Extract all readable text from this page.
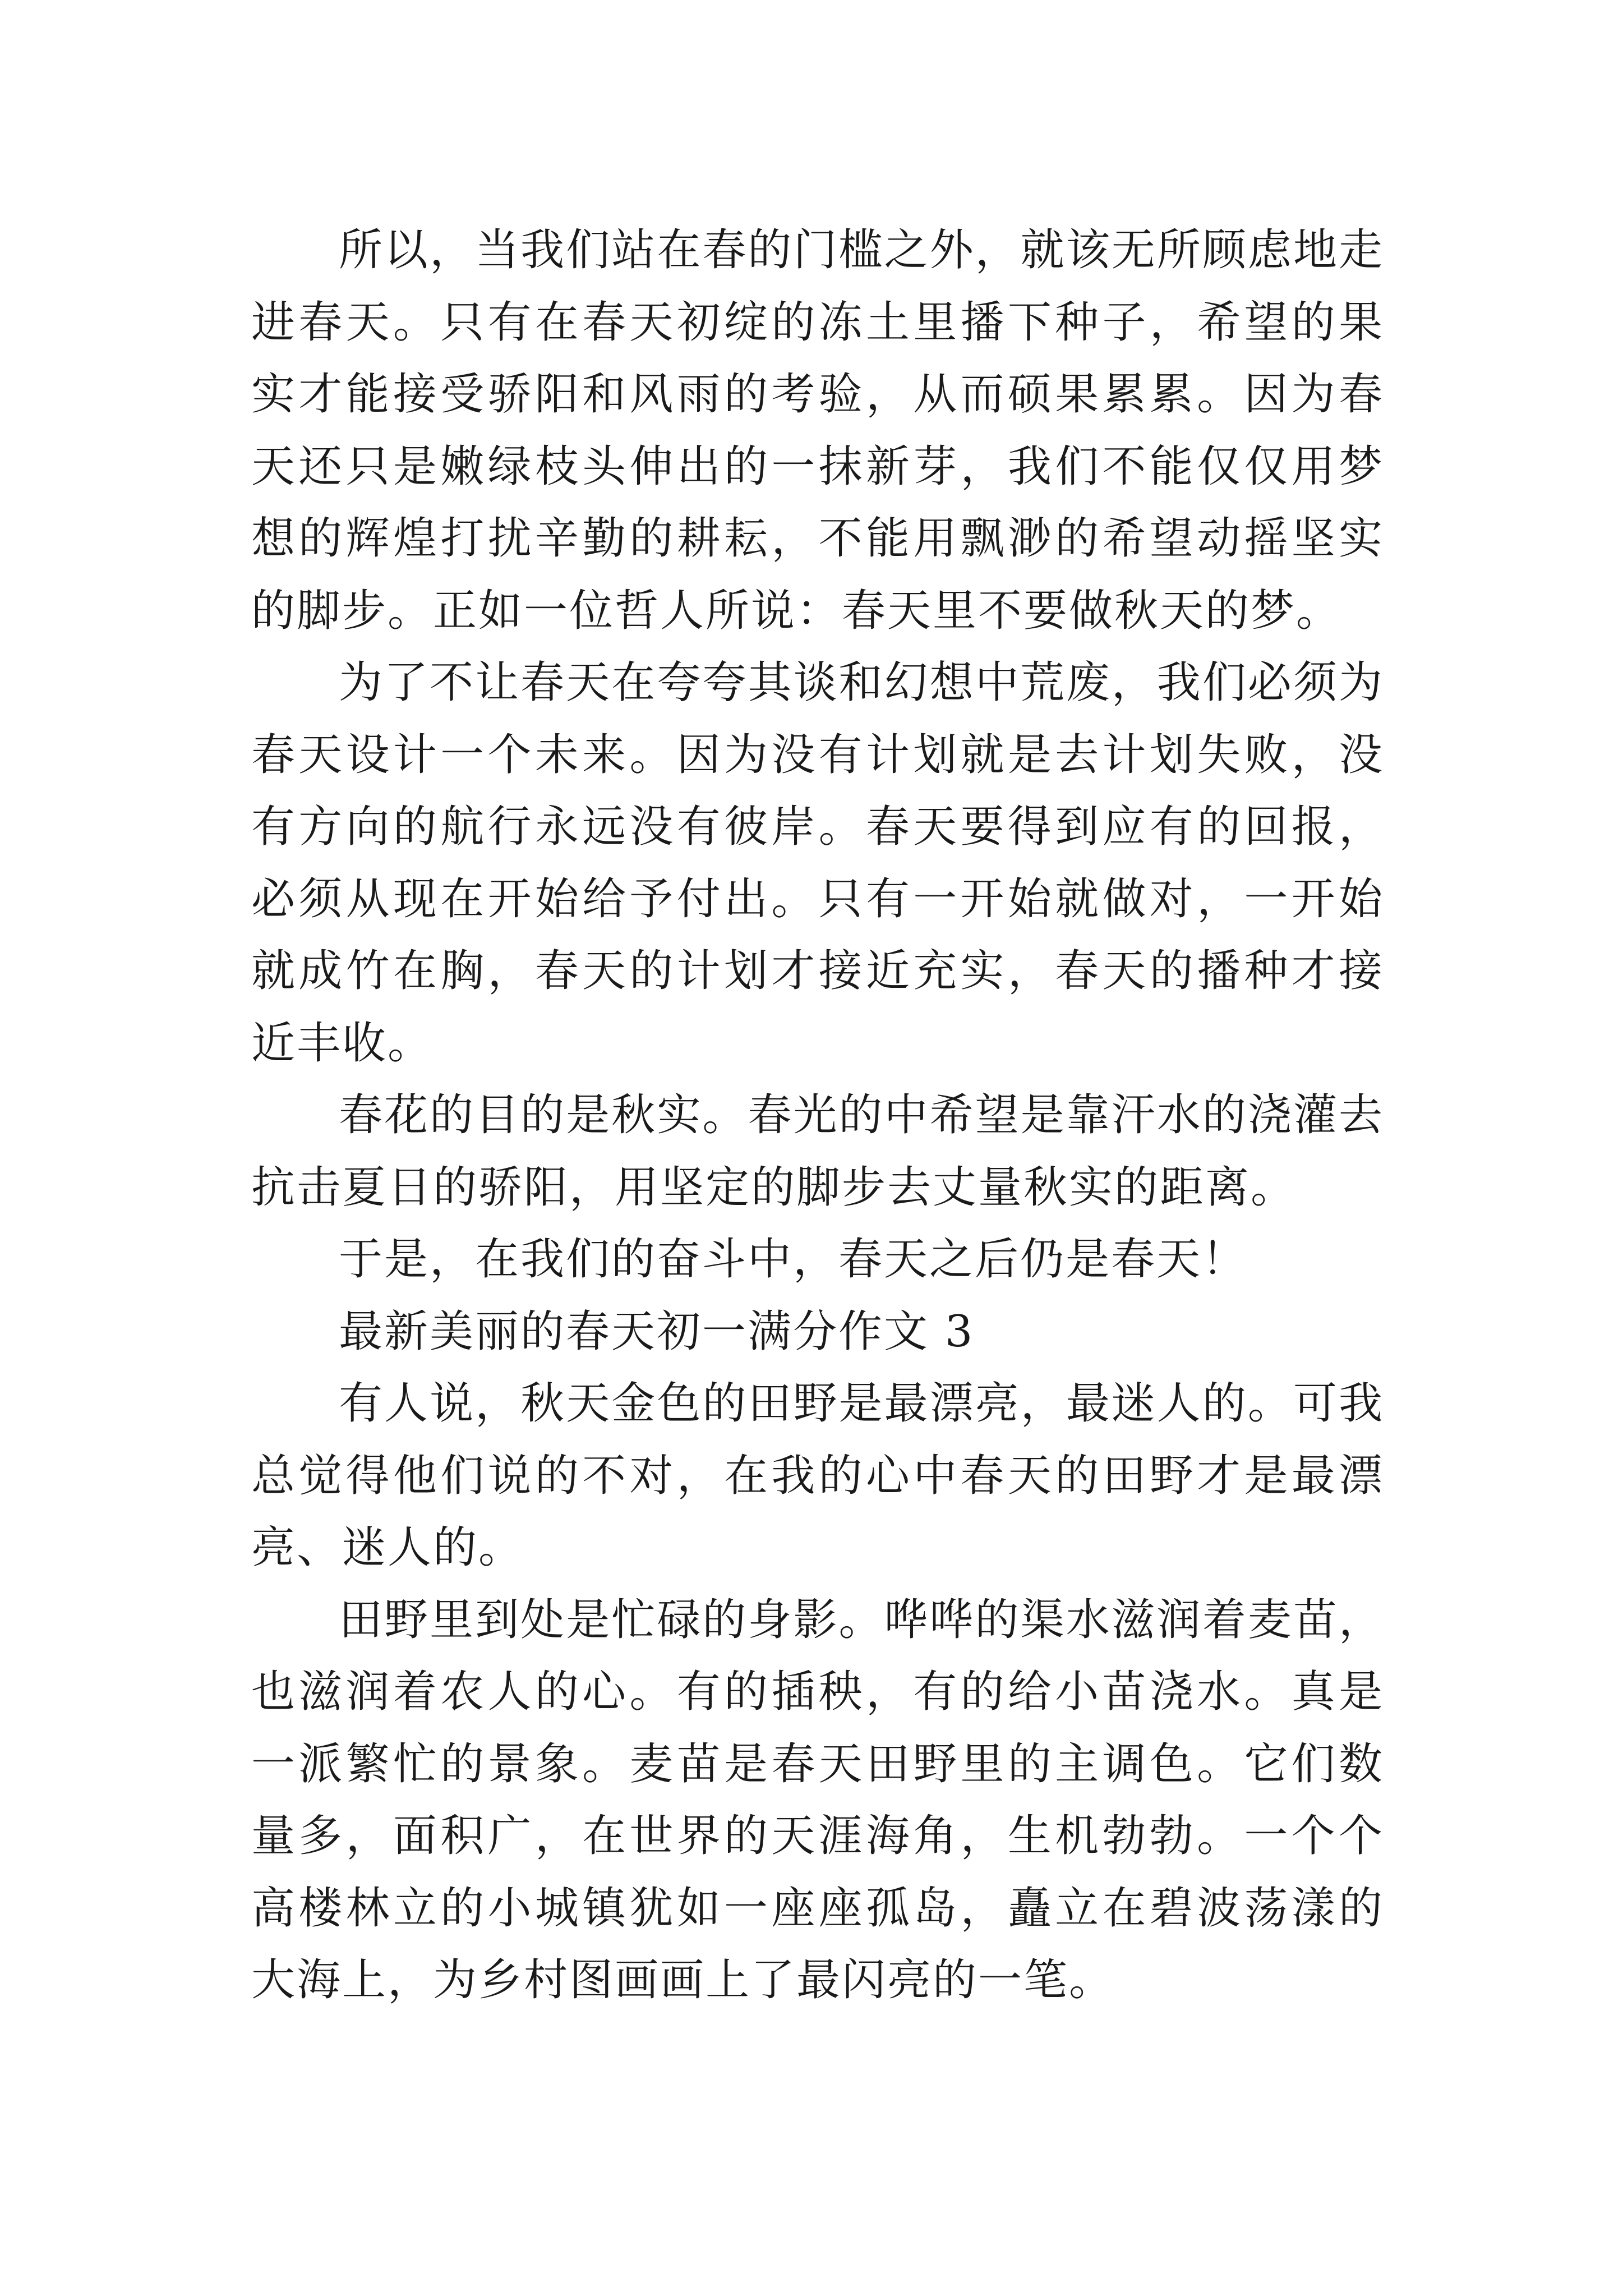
所以，当我们站在春的门槛之外，就该无所顾虑地走进春天。只有在春天初绽的冻土里播下种子，希望的果实才能接受骄阳和风雨的考验，从而硕果累累。因为春天还只是嫩绿枝头伸出的一抹新芽，我们不能仅仅用梦想的辉煌打扰辛勤的耕耘，不能用飘渺的希望动摇坚实的脚步。正如一位哲人所说：春天里不要做秋天的梦。

为了不让春天在夸夸其谈和幻想中荒废，我们必须为春天设计一个未来。因为没有计划就是去计划失败，没有方向的航行永远没有彼岸。春天要得到应有的回报，必须从现在开始给予付出。只有一开始就做对，一开始就成竹在胸，春天的计划才接近充实，春天的播种才接近丰收。

春花的目的是秋实。春光的中希望是靠汗水的浇灌去抗击夏日的骄阳，用坚定的脚步去丈量秋实的距离。

于是，在我们的奋斗中，春天之后仍是春天！

最新美丽的春天初一满分作文 3

有人说，秋天金色的田野是最漂亮，最迷人的。可我总觉得他们说的不对，在我的心中春天的田野才是最漂亮、迷人的。

田野里到处是忙碌的身影。哗哗的渠水滋润着麦苗，也滋润着农人的心。有的插秧，有的给小苗浇水。真是一派繁忙的景象。麦苗是春天田野里的主调色。它们数量多，面积广，在世界的天涯海角，生机勃勃。一个个高楼林立的小城镇犹如一座座孤岛，矗立在碧波荡漾的大海上，为乡村图画画上了最闪亮的一笔。
